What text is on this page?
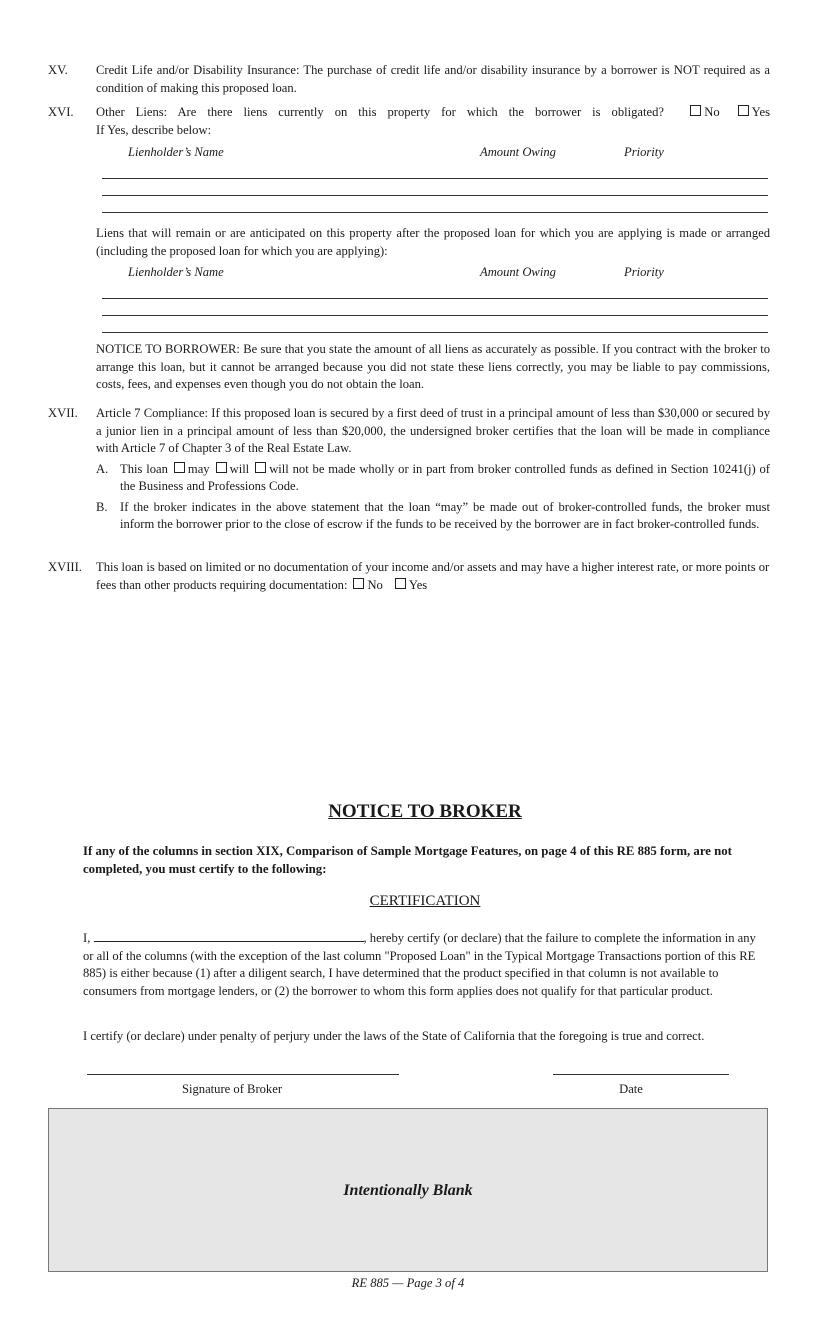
XV. Credit Life and/or Disability Insurance: The purchase of credit life and/or disability insurance by a borrower is NOT required as a condition of making this proposed loan.
XVI. Other Liens: Are there liens currently on this property for which the borrower is obligated?	No	Yes
If Yes, describe below:
Lienholder’s Name	Amount Owing	Priority
Liens that will remain or are anticipated on this property after the proposed loan for which you are applying is made or arranged (including the proposed loan for which you are applying):
Lienholder’s Name	Amount Owing	Priority
NOTICE TO BORROWER: Be sure that you state the amount of all liens as accurately as possible. If you contract with the broker to arrange this loan, but it cannot be arranged because you did not state these liens correctly, you may be liable to pay commissions, costs, fees, and expenses even though you do not obtain the loan.
XVII. Article 7 Compliance: If this proposed loan is secured by a first deed of trust in a principal amount of less than $30,000 or secured by a junior lien in a principal amount of less than $20,000, the undersigned broker certifies that the loan will be made in compliance with Article 7 of Chapter 3 of the Real Estate Law.
A. This loan may will will not be made wholly or in part from broker controlled funds as defined in Section 10241(j) of the Business and Professions Code.
B. If the broker indicates in the above statement that the loan “may” be made out of broker-controlled funds, the broker must inform the borrower prior to the close of escrow if the funds to be received by the borrower are in fact broker-controlled funds.
XVIII. This loan is based on limited or no documentation of your income and/or assets and may have a higher interest rate, or more points or fees than other products requiring documentation: No Yes
NOTICE TO BROKER
If any of the columns in section XIX, Comparison of Sample Mortgage Features, on page 4 of this RE 885 form, are not completed, you must certify to the following:
CERTIFICATION
I,	, hereby certify (or declare) that the failure to complete the information in any or all of the columns (with the exception of the last column "Proposed Loan" in the Typical Mortgage Transactions portion of this RE 885) is either because (1) after a diligent search, I have determined that the product specified in that column is not available to consumers from mortgage lenders, or (2) the borrower to whom this form applies does not qualify for that particular product.
I certify (or declare) under penalty of perjury under the laws of the State of California that the foregoing is true and correct.
Signature of Broker	Date
Intentionally Blank
RE 885 — Page 3 of 4
